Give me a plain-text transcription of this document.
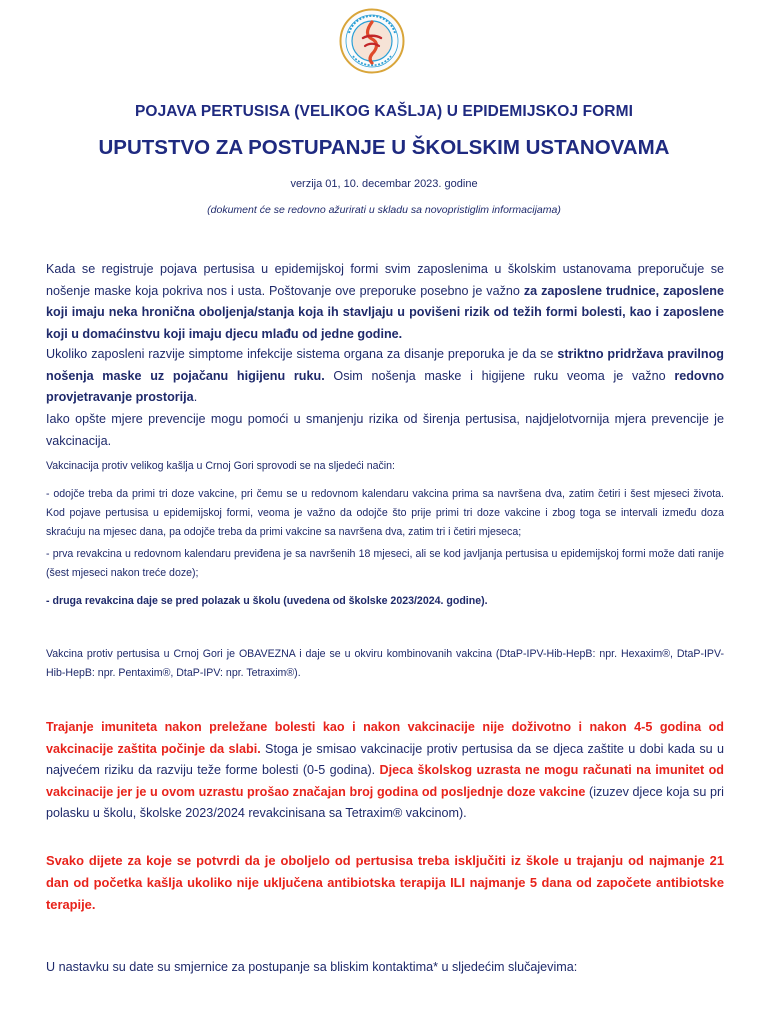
POJAVA PERTUSISA (VELIKOG KAŠLJA) U EPIDEMIJSKOJ FORMI
UPUTSTVO ZA POSTUPANJE U ŠKOLSKIM USTANOVAMA
verzija 01, 10. decembar 2023. godine
(dokument će se redovno ažurirati u skladu sa novopristiglim informacijama)

Kada se registruje pojava pertusisa u epidemijskoj formi svim zaposlenima u školskim ustanovama preporučuje se nošenje maske koja pokriva nos i usta. Poštovanje ove preporuke posebno je važno za zaposlene trudnice, zaposlene koji imaju neka hronična oboljenja/stanja koja ih stavljaju u povišeni rizik od težih formi bolesti, kao i zaposlene koji u domaćinstvu koji imaju djecu mlađu od jedne godine.

Ukoliko zaposleni razvije simptome infekcije sistema organa za disanje preporuka je da se striktno pridržava pravilnog nošenja maske uz pojačanu higijenu ruku. Osim nošenja maske i higijene ruku veoma je važno redovno provjetravanje prostorija.

Iako opšte mjere prevencije mogu pomoći u smanjenju rizika od širenja pertusisa, najdjelotvornija mjera prevencije je vakcinacija.

Vakcinacija protiv velikog kašlja u Crnoj Gori sprovodi se na sljedeći način:

- odojče treba da primi tri doze vakcine, pri čemu se u redovnom kalendaru vakcina prima sa navršena dva, zatim četiri i šest mjeseci života. Kod pojave pertusisa u epidemijskoj formi, veoma je važno da odojče što prije primi tri doze vakcine i zbog toga se intervali između doza skraćuju na mjesec dana, pa odojče treba da primi vakcine sa navršena dva, zatim tri i četiri mjeseca;

- prva revakcina u redovnom kalendaru previđena je sa navršenih 18 mjeseci, ali se kod javljanja pertusisa u epidemijskoj formi može dati ranije (šest mjeseci nakon treće doze);

- druga revakcina daje se pred polazak u školu (uvedena od školske 2023/2024. godine).

Vakcina protiv pertusisa u Crnoj Gori je OBAVEZNA i daje se u okviru kombinovanih vakcina (DtaP-IPV-Hib-HepB: npr. Hexaxim®, DtaP-IPV-Hib-HepB: npr. Pentaxim®, DtaP-IPV: npr. Tetraxim®).

Trajanje imuniteta nakon preležane bolesti kao i nakon vakcinacije nije doživotno i nakon 4-5 godina od vakcinacije zaštita počinje da slabi. Stoga je smisao vakcinacije protiv pertusisa da se djeca zaštite u dobi kada su u najvećem riziku da razviju teže forme bolesti (0-5 godina). Djeca školskog uzrasta ne mogu računati na imunitet od vakcinacije jer je u ovom uzrastu prošao značajan broj godina od posljednje doze vakcine (izuzev djece koja su pri polasku u školu, školske 2023/2024 revakcinisana sa Tetraxim® vakcinom).

Svako dijete za koje se potvrdi da je oboljelo od pertusisa treba isključiti iz škole u trajanju od najmanje 21 dan od početka kašlja ukoliko nije uključena antibiotska terapija ILI najmanje 5 dana od započete antibiotske terapije.

U nastavku su date su smjernice za postupanje sa bliskim kontaktima* u sljedećim slučajevima:
